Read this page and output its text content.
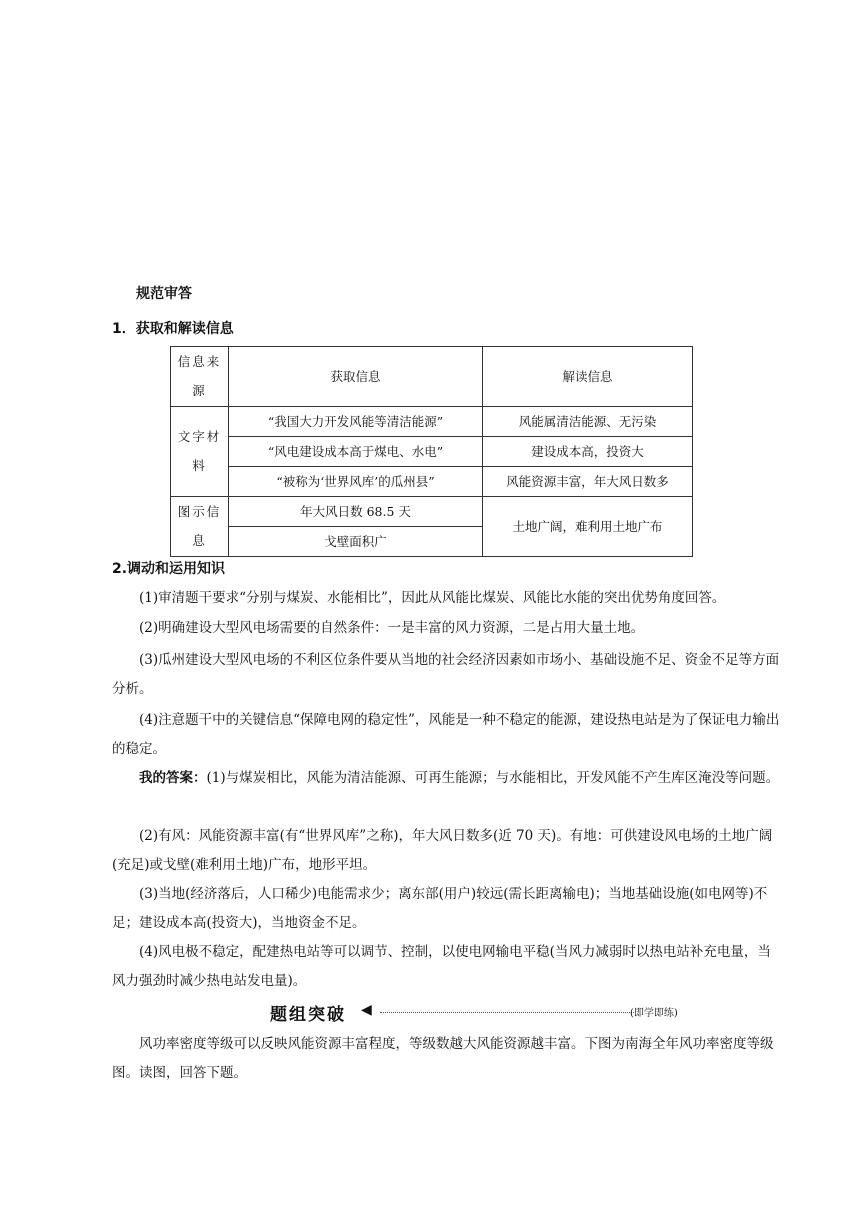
规范审答
1．获取和解读信息
信息来源	获取信息	解读信息
文字材料	“我国大力开发风能等清洁能源”	风能属清洁能源、无污染
	“风电建设成本高于煤电、水电”	建设成本高，投资大
	“被称为‘世界风库’的瓜州县”	风能资源丰富，年大风日数多
图示信息	年大风日数 68.5 天	土地广阔，难利用土地广布
	戈壁面积广	
2.调动和运用知识
(1)审清题干要求“分别与煤炭、水能相比”，因此从风能比煤炭、风能比水能的突出优势角度回答。
(2)明确建设大型风电场需要的自然条件：一是丰富的风力资源，二是占用大量土地。
(3)瓜州建设大型风电场的不利区位条件要从当地的社会经济因素如市场小、基础设施不足、资金不足等方面分析。
(4)注意题干中的关键信息“保障电网的稳定性”，风能是一种不稳定的能源，建设热电站是为了保证电力输出的稳定。
我的答案：(1)与煤炭相比，风能为清洁能源、可再生能源；与水能相比，开发风能不产生库区淹没等问题。
(2)有风：风能资源丰富(有“世界风库”之称)，年大风日数多(近 70 天)。有地：可供建设风电场的土地广阔(充足)或戈壁(难利用土地)广布，地形平坦。
(3)当地(经济落后，人口稀少)电能需求少；离东部(用户)较远(需长距离输电)；当地基础设施(如电网等)不足；建设成本高(投资大)，当地资金不足。
(4)风电极不稳定，配建热电站等可以调节、控制，以使电网输电平稳(当风力减弱时以热电站补充电量，当风力强劲时减少热电站发电量)。
题组突破 ◀	(即学即练)
风功率密度等级可以反映风能资源丰富程度，等级数越大风能资源越丰富。下图为南海全年风功率密度等级图。读图，回答下题。
